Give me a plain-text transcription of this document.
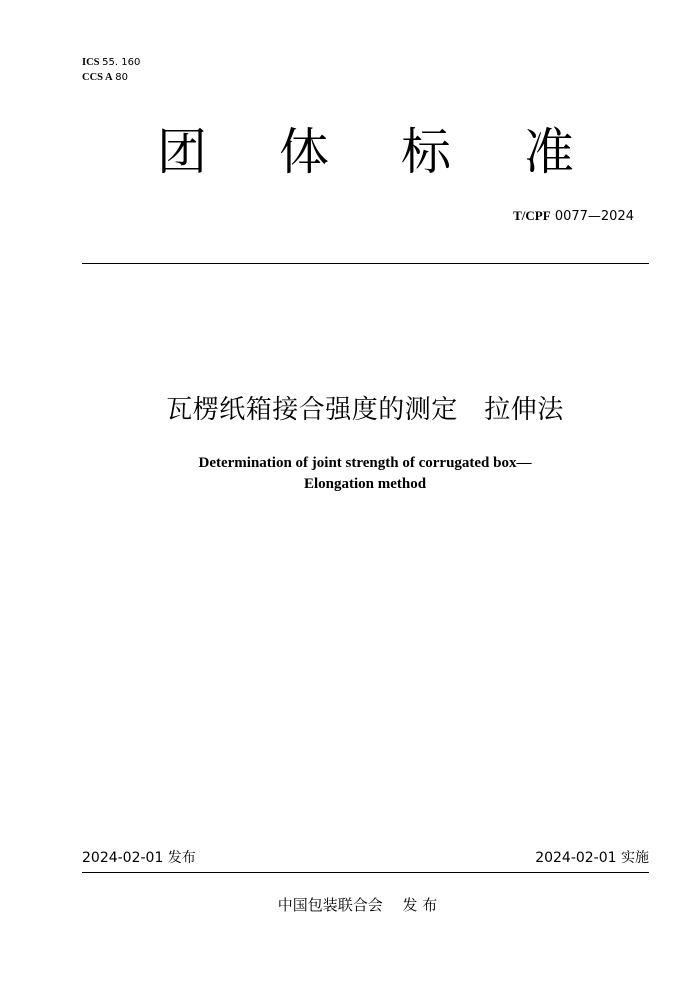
ICS 55. 160
CCS A 80
团	体	标	准
T/CPF 0077—2024
瓦楞纸箱接合强度的测定　拉伸法
Determination of joint strength of corrugated box—
Elongation method
2024-02-01 发布	2024-02-01 实施
中国包装联合会　 发 布
